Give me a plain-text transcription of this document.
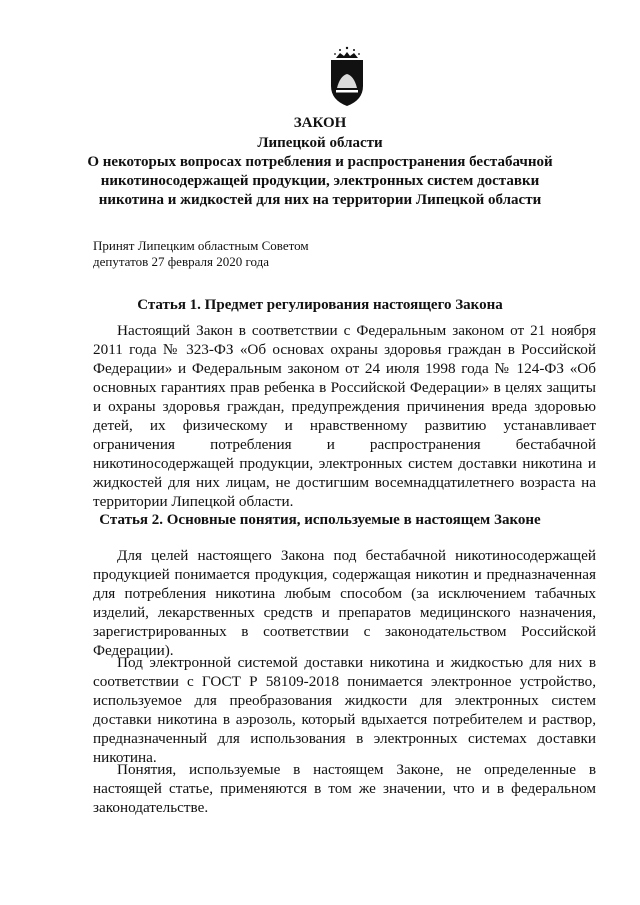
ЗАКОН

Липецкой области

О некоторых вопросах потребления и распространения бестабачной

никотиносодержащей продукции, электронных систем доставки

никотина и жидкостей для них на территории Липецкой области

Принят Липецким областным Советом

депутатов 27 февраля 2020 года

Статья 1. Предмет регулирования настоящего Закона

Настоящий Закон в соответствии с Федеральным законом от 21 ноября 2011 года № 323-ФЗ «Об основах охраны здоровья граждан в Российской Федерации» и Федеральным законом от 24 июля 1998 года № 124-ФЗ «Об основных гарантиях прав ребенка в Российской Федерации» в целях защиты и охраны здоровья граждан, предупреждения причинения вреда здоровью детей, их физическому и нравственному развитию устанавливает ограничения потребления и распространения бестабачной никотиносодержащей продукции, электронных систем доставки никотина и жидкостей для них лицам, не достигшим восемнадцатилетнего возраста на территории Липецкой области.

Статья 2. Основные понятия, используемые в настоящем Законе

Для целей настоящего Закона под бестабачной никотиносодержащей продукцией понимается продукция, содержащая никотин и предназначенная для потребления никотина любым способом (за исключением табачных изделий, лекарственных средств и препаратов медицинского назначения, зарегистрированных в соответствии с законодательством Российской Федерации).

Под электронной системой доставки никотина и жидкостью для них в соответствии с ГОСТ Р 58109-2018 понимается электронное устройство, используемое для преобразования жидкости для электронных систем доставки никотина в аэрозоль, который вдыхается потребителем и раствор, предназначенный для использования в электронных системах доставки никотина.

Понятия, используемые в настоящем Законе, не определенные в настоящей статье, применяются в том же значении, что и в федеральном законодательстве.
